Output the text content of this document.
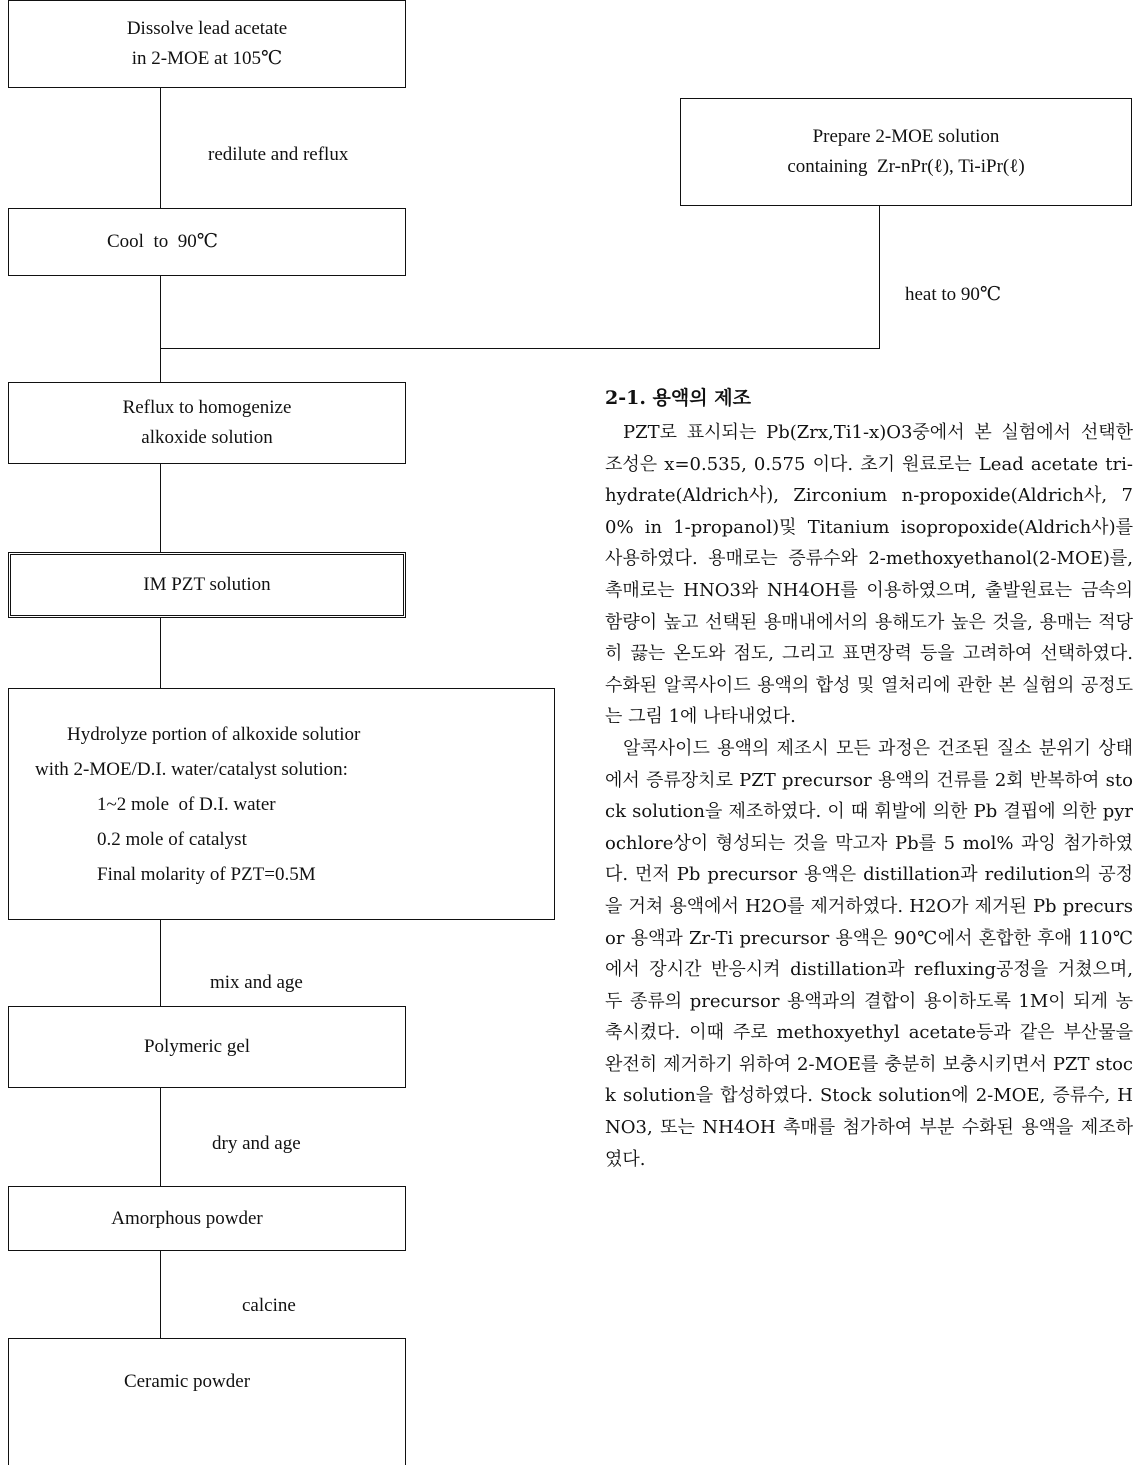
Dissolve lead acetate
in 2-MOE at 105℃
redilute and reflux
Cool  to  90℃
Prepare 2-MOE solution
containing  Zr-nPr(ℓ), Ti-iPr(ℓ)
heat to 90℃
Reflux to homogenize
alkoxide solution
IM PZT solution
Hydrolyze portion of alkoxide solutior
with 2-MOE/D.I. water/catalyst solution:
1~2 mole  of D.I. water
0.2 mole of catalyst
Final molarity of PZT=0.5M
mix and age
Polymeric gel
dry and age
Amorphous powder
calcine
Ceramic powder
2-1. 용액의 제조

PZT로 표시되는 Pb(Zrx,Ti1-x)O3중에서 본 실험에서 선택한 조성은 x=0.535, 0.575 이다. 초기 원료로는 Lead acetate tri-hydrate(Aldrich사), Zirconium n-propoxide(Aldrich사, 70% in 1-propanol)및 Titanium isopropoxide(Aldrich사)를 사용하였다. 용매로는 증류수와 2-methoxyethanol(2-MOE)를, 촉매로는 HNO3와 NH4OH를 이용하였으며, 출발원료는 금속의 함량이 높고 선택된 용매내에서의 용해도가 높은 것을, 용매는 적당히 끓는 온도와 점도, 그리고 표면장력 등을 고려하여 선택하였다. 수화된 알콕사이드 용액의 합성 및 열처리에 관한 본 실험의 공정도는 그림 1에 나타내었다.

알콕사이드 용액의 제조시 모든 과정은 건조된 질소 분위기 상태에서 증류장치로 PZT precursor 용액의 건류를 2회 반복하여 stock solution을 제조하였다. 이 때 휘발에 의한 Pb 결핍에 의한 pyrochlore상이 형성되는 것을 막고자 Pb를 5 mol% 과잉 첨가하였다. 먼저 Pb precursor 용액은 distillation과 redilution의 공정을 거쳐 용액에서 H2O를 제거하였다. H2O가 제거된 Pb precursor 용액과 Zr-Ti precursor 용액은 90℃에서 혼합한 후애 110℃에서 장시간 반응시켜 distillation과 refluxing공정을 거쳤으며, 두 종류의 precursor 용액과의 결합이 용이하도록 1M이 되게 농축시켰다. 이때 주로 methoxyethyl acetate등과 같은 부산물을 완전히 제거하기 위하여 2-MOE를 충분히 보충시키면서 PZT stock solution을 합성하였다. Stock solution에 2-MOE, 증류수, HNO3, 또는 NH4OH 촉매를 첨가하여 부분 수화된 용액을 제조하였다.
